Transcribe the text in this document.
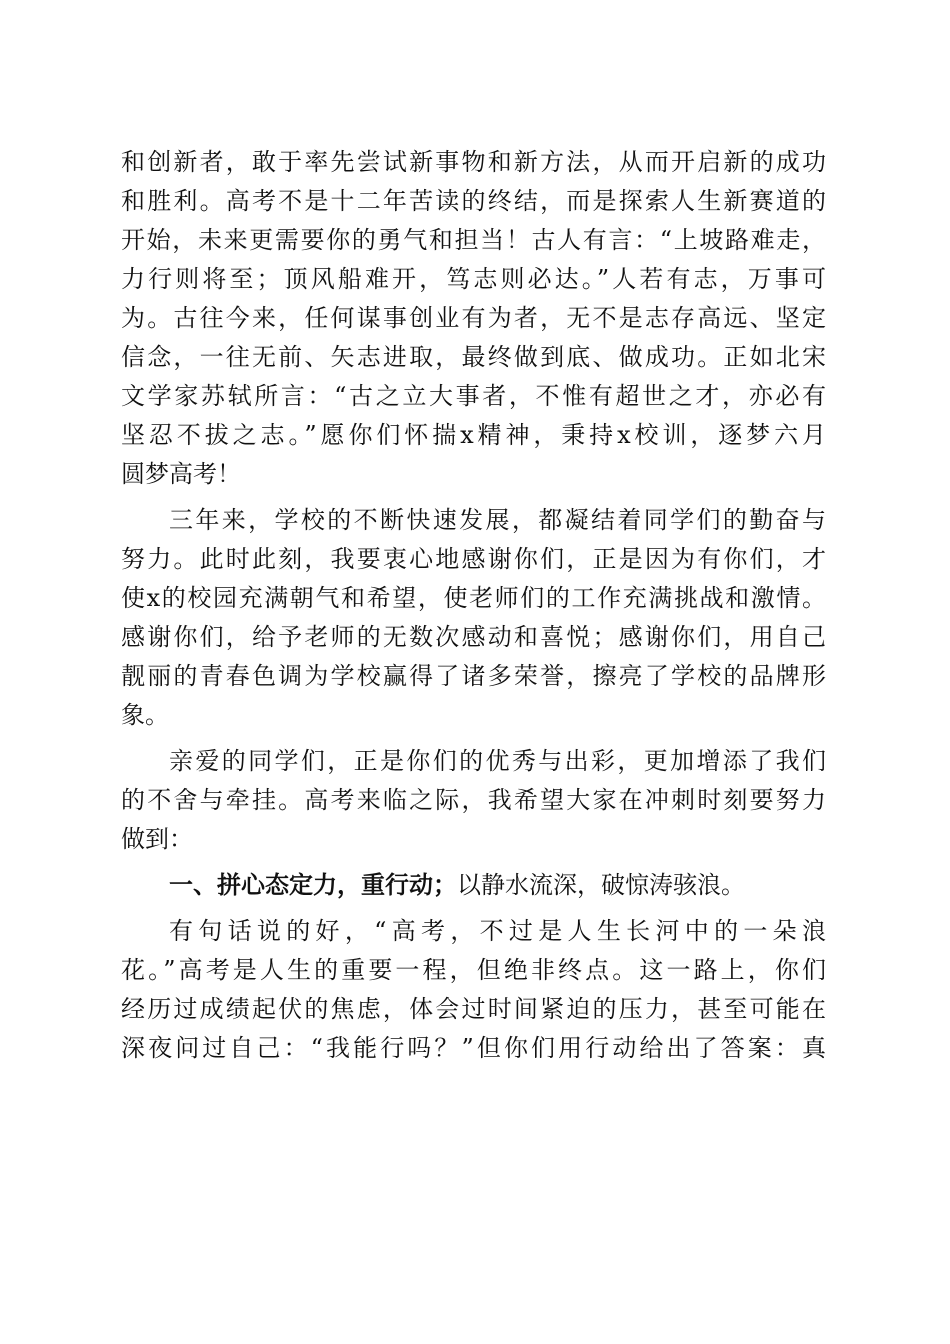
和创新者，敢于率先尝试新事物和新方法，从而开启新的成功
和胜利。高考不是十二年苦读的终结，而是探索人生新赛道的
开始，未来更需要你的勇气和担当！古人有言：“上坡路难走，
力行则将至；顶风船难开，笃志则必达。”人若有志，万事可
为。古往今来，任何谋事创业有为者，无不是志存高远、坚定
信念，一往无前、矢志进取，最终做到底、做成功。正如北宋
文学家苏轼所言：“古之立大事者，不惟有超世之才，亦必有
坚忍不拔之志。”愿你们怀揣x精神，秉持x校训，逐梦六月
圆梦高考！
三年来，学校的不断快速发展，都凝结着同学们的勤奋与
努力。此时此刻，我要衷心地感谢你们，正是因为有你们，才
使x的校园充满朝气和希望，使老师们的工作充满挑战和激情。
感谢你们，给予老师的无数次感动和喜悦；感谢你们，用自己
靓丽的青春色调为学校赢得了诸多荣誉，擦亮了学校的品牌形
象。
亲爱的同学们，正是你们的优秀与出彩，更加增添了我们
的不舍与牵挂。高考来临之际，我希望大家在冲刺时刻要努力
做到：
一、拼心态定力，重行动；以静水流深，破惊涛骇浪。
有句话说的好，“高考，不过是人生长河中的一朵浪
花。”高考是人生的重要一程，但绝非终点。这一路上，你们
经历过成绩起伏的焦虑，体会过时间紧迫的压力，甚至可能在
深夜问过自己：“我能行吗？”但你们用行动给出了答案：真
